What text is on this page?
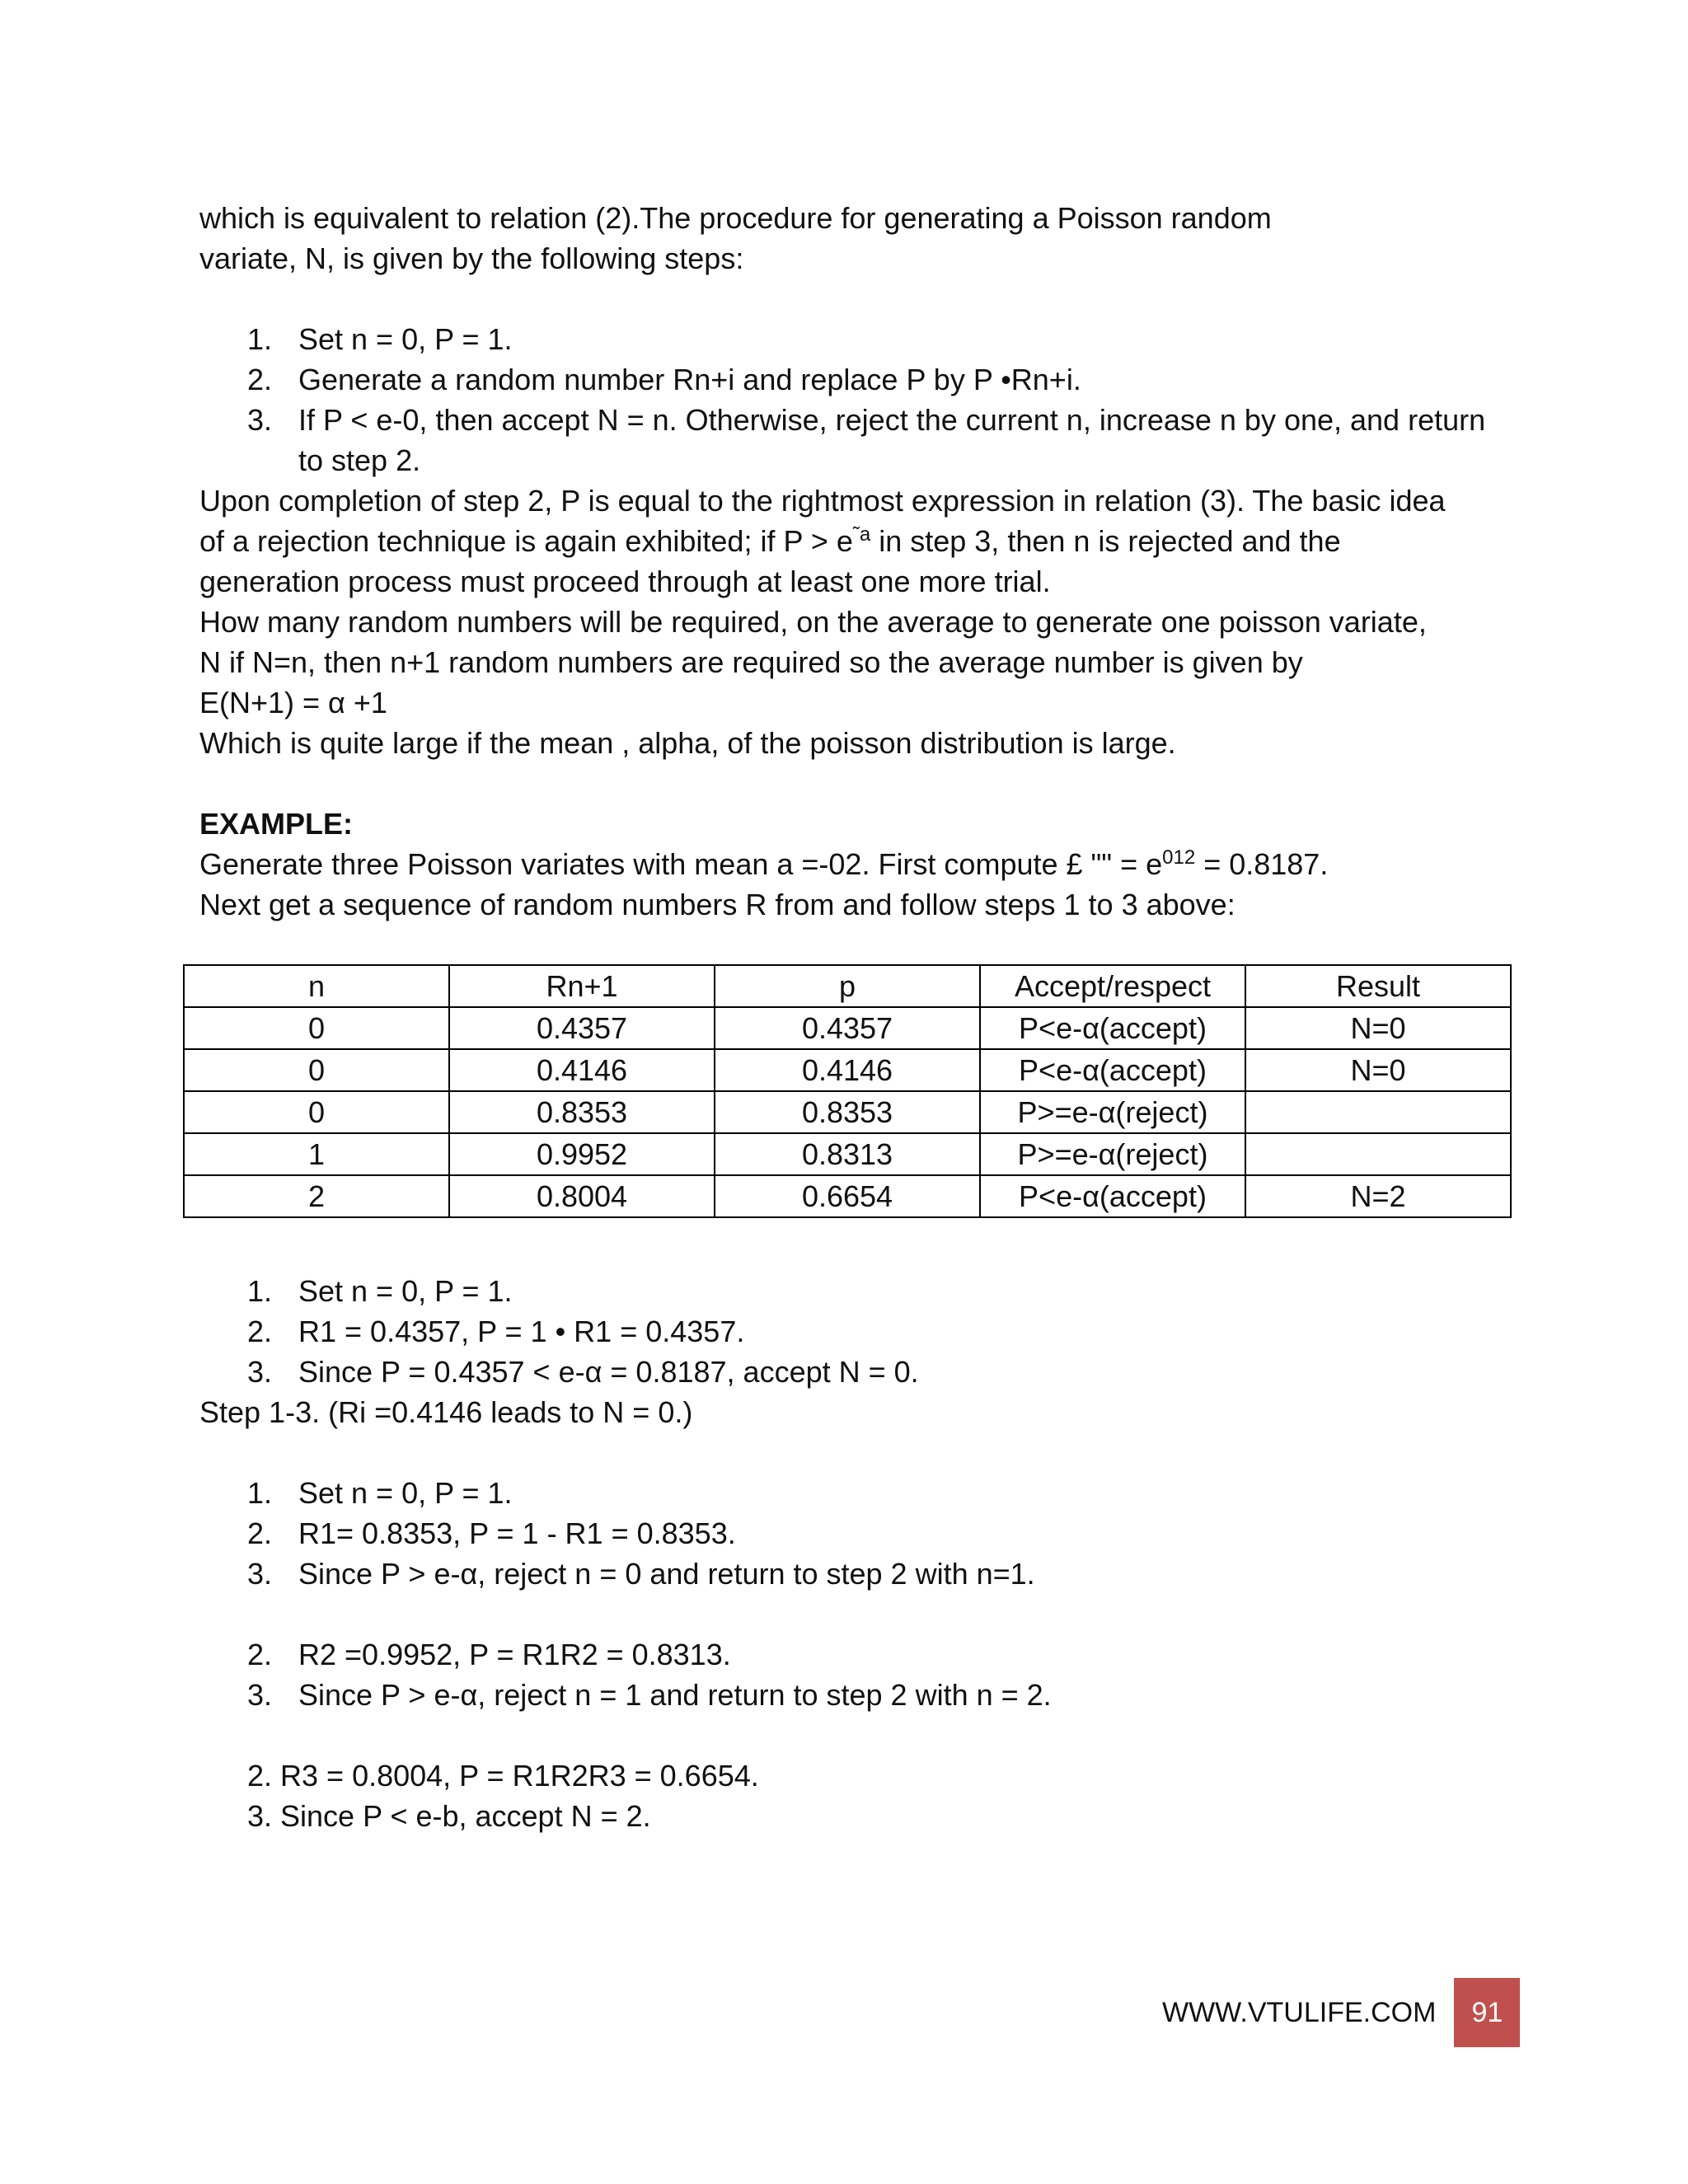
which is equivalent to relation (2).The procedure for generating a Poisson random

variate, N, is given by the following steps:

1. Set n = 0, P = 1.
2. Generate a random number Rn+i and replace P by P •Rn+i.
3. If P < e-0, then accept N = n. Otherwise, reject the current n, increase n by one, and return to step 2.

Upon completion of step 2, P is equal to the rightmost expression in relation (3). The basic idea

of a rejection technique is again exhibited; if $P > e^{˜a}$ in step 3, then n is rejected and the

generation process must proceed through at least one more trial.

How many random numbers will be required, on the average to generate one poisson variate,

N if N=n, then n+1 random numbers are required so the average number is given by

E(N+1) = α +1

Which is quite large if the mean , alpha, of the poisson distribution is large.

EXAMPLE:

Generate three Poisson variates with mean a =-02. First compute £ "" = $e^{012} = 0.8187$.

Next get a sequence of random numbers R from and follow steps 1 to 3 above:

n	Rn+1	p	Accept/respect	Result
0	0.4357	0.4357	P<e-α(accept)	N=0
0	0.4146	0.4146	P<e-α(accept)	N=0
0	0.8353	0.8353	P>=e-α(reject)	
1	0.9952	0.8313	P>=e-α(reject)	
2	0.8004	0.6654	P<e-α(accept)	N=2
1. Set n = 0, P = 1.
2. R1 = 0.4357, P = 1 • R1 = 0.4357.
3. Since P = 0.4357 < e-α = 0.8187, accept N = 0.

Step 1-3. (Ri =0.4146 leads to N = 0.)

1. Set n = 0, P = 1.
2. R1= 0.8353, P = 1 - R1 = 0.8353.
3. Since P > e-α, reject n = 0 and return to step 2 with n=1.
2. R2 =0.9952, P = R1R2 = 0.8313.
3. Since P > e-α, reject n = 1 and return to step 2 with n = 2.

2. R3 = 0.8004, P = R1R2R3 = 0.6654.

3. Since P < e-b, accept N = 2.

WWW.VTULIFE.COM	91
